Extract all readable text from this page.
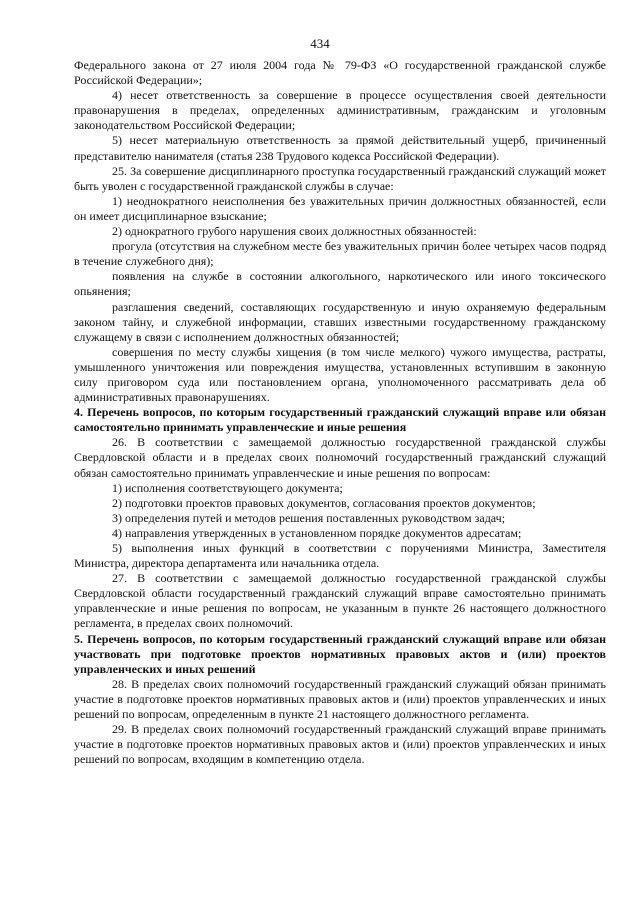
434

Федерального закона от 27 июля 2004 года № 79-ФЗ «О государственной гражданской службе Российской Федерации»;

4) несет ответственность за совершение в процессе осуществления своей деятельности правонарушения в пределах, определенных административным, гражданским и уголовным законодательством Российской Федерации;

5) несет материальную ответственность за прямой действительный ущерб, причиненный представителю нанимателя (статья 238 Трудового кодекса Российской Федерации).

25. За совершение дисциплинарного проступка государственный гражданский служащий может быть уволен с государственной гражданской службы в случае:

1) неоднократного неисполнения без уважительных причин должностных обязанностей, если он имеет дисциплинарное взыскание;

2) однократного грубого нарушения своих должностных обязанностей:

прогула (отсутствия на служебном месте без уважительных причин более четырех часов подряд в течение служебного дня);

появления на службе в состоянии алкогольного, наркотического или иного токсического опьянения;

разглашения сведений, составляющих государственную и иную охраняемую федеральным законом тайну, и служебной информации, ставших известными государственному гражданскому служащему в связи с исполнением должностных обязанностей;

совершения по месту службы хищения (в том числе мелкого) чужого имущества, растраты, умышленного уничтожения или повреждения имущества, установленных вступившим в законную силу приговором суда или постановлением органа, уполномоченного рассматривать дела об административных правонарушениях.

4. Перечень вопросов, по которым государственный гражданский служащий вправе или обязан самостоятельно принимать управленческие и иные решения

26. В соответствии с замещаемой должностью государственной гражданской службы Свердловской области и в пределах своих полномочий государственный гражданский служащий обязан самостоятельно принимать управленческие и иные решения по вопросам:

1) исполнения соответствующего документа;

2) подготовки проектов правовых документов, согласования проектов документов;

3) определения путей и методов решения поставленных руководством задач;

4) направления утвержденных в установленном порядке документов адресатам;

5) выполнения иных функций в соответствии с поручениями Министра, Заместителя Министра, директора департамента или начальника отдела.

27. В соответствии с замещаемой должностью государственной гражданской службы Свердловской области государственный гражданский служащий вправе самостоятельно принимать управленческие и иные решения по вопросам, не указанным в пункте 26 настоящего должностного регламента, в пределах своих полномочий.

5. Перечень вопросов, по которым государственный гражданский служащий вправе или обязан участвовать при подготовке проектов нормативных правовых актов и (или) проектов управленческих и иных решений

28. В пределах своих полномочий государственный гражданский служащий обязан принимать участие в подготовке проектов нормативных правовых актов и (или) проектов управленческих и иных решений по вопросам, определенным в пункте 21 настоящего должностного регламента.

29. В пределах своих полномочий государственный гражданский служащий вправе принимать участие в подготовке проектов нормативных правовых актов и (или) проектов управленческих и иных решений по вопросам, входящим в компетенцию отдела.
